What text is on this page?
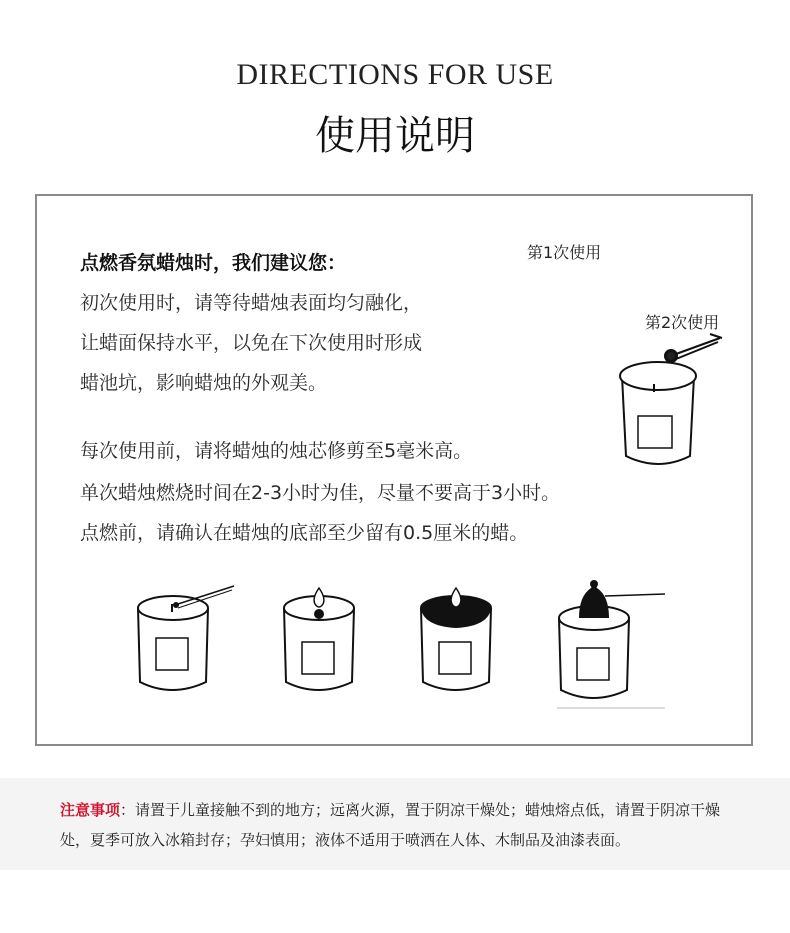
DIRECTIONS FOR USE
使用说明
点燃香氛蜡烛时，我们建议您：
初次使用时，请等待蜡烛表面均匀融化，
让蜡面保持水平，以免在下次使用时形成
蜡池坑，影响蜡烛的外观美。
每次使用前，请将蜡烛的烛芯修剪至5毫米高。
单次蜡烛燃烧时间在2-3小时为佳，尽量不要高于3小时。
点燃前，请确认在蜡烛的底部至少留有0.5厘米的蜡。
第1次使用
第2次使用
注意事项：请置于儿童接触不到的地方；远离火源，置于阴凉干燥处；蜡烛熔点低，请置于阴凉干燥处，夏季可放入冰箱封存；孕妇慎用；液体不适用于喷洒在人体、木制品及油漆表面。
